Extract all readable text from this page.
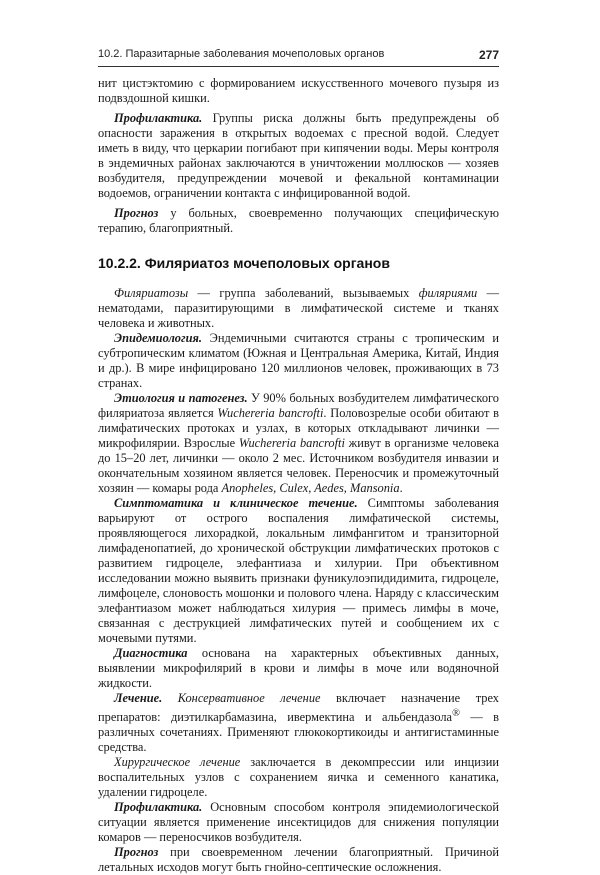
10.2. Паразитарные заболевания мочеполовых органов	277

нит цистэктомию с формированием искусственного мочевого пузыря из подвздошной кишки.

Профилактика. Группы риска должны быть предупреждены об опасности заражения в открытых водоемах с пресной водой. Следует иметь в виду, что церкарии погибают при кипячении воды. Меры контроля в эндемичных районах заключаются в уничтожении моллюсков — хозяев возбудителя, предупреждении мочевой и фекальной контаминации водоемов, ограничении контакта с инфицированной водой.

Прогноз у больных, своевременно получающих специфическую терапию, благоприятный.

10.2.2. Филяриатоз мочеполовых органов

Филяриатозы — группа заболеваний, вызываемых филяриями — нематодами, паразитирующими в лимфатической системе и тканях человека и животных.

Эпидемиология. Эндемичными считаются страны с тропическим и субтропическим климатом (Южная и Центральная Америка, Китай, Индия и др.). В мире инфицировано 120 миллионов человек, проживающих в 73 странах.

Этиология и патогенез. У 90% больных возбудителем лимфатического филяриатоза является Wuchereria bancrofti. Половозрелые особи обитают в лимфатических протоках и узлах, в которых откладывают личинки — микрофилярии. Взрослые Wuchereria bancrofti живут в организме человека до 15–20 лет, личинки — около 2 мес. Источником возбудителя инвазии и окончательным хозяином является человек. Переносчик и промежуточный хозяин — комары рода Anopheles, Culex, Aedes, Mansonia.

Симптоматика и клиническое течение. Симптомы заболевания варьируют от острого воспаления лимфатической системы, проявляющегося лихорадкой, локальным лимфангитом и транзиторной лимфаденопатией, до хронической обструкции лимфатических протоков с развитием гидроцеле, элефантиаза и хилурии. При объективном исследовании можно выявить признаки фуникулоэпидидимита, гидроцеле, лимфоцеле, слоновость мошонки и полового члена. Наряду с классическим элефантиазом может наблюдаться хилурия — примесь лимфы в моче, связанная с деструкцией лимфатических путей и сообщением их с мочевыми путями.

Диагностика основана на характерных объективных данных, выявлении микрофилярий в крови и лимфы в моче или водяночной жидкости.

Лечение. Консервативное лечение включает назначение трех препаратов: диэтилкарбамазина, ивермектина и альбендазола® — в различных сочетаниях. Применяют глюкокортикоиды и антигистаминные средства.

Хирургическое лечение заключается в декомпрессии или инцизии воспалительных узлов с сохранением яичка и семенного канатика, удалении гидроцеле.

Профилактика. Основным способом контроля эпидемиологической ситуации является применение инсектицидов для снижения популяции комаров — переносчиков возбудителя.

Прогноз при своевременном лечении благоприятный. Причиной летальных исходов могут быть гнойно-септические осложнения.
